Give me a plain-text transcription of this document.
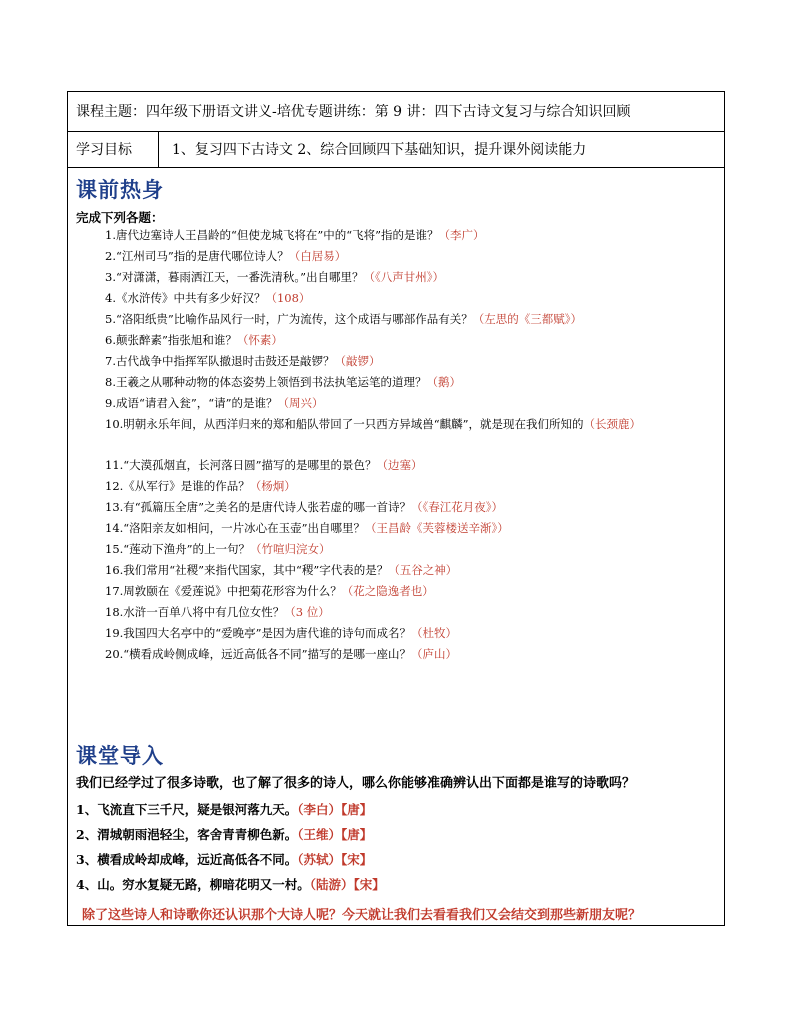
课程主题：四年级下册语文讲义-培优专题讲练：第 9 讲：四下古诗文复习与综合知识回顾
学习目标	1、复习四下古诗文 2、综合回顾四下基础知识，提升课外阅读能力
课前热身
完成下列各题：
1.唐代边塞诗人王昌龄的“但使龙城飞将在”中的“飞将”指的是谁？（李广）
2.“江州司马”指的是唐代哪位诗人？（白居易）
3.“对潇潇，暮雨洒江天，一番洗清秋。”出自哪里？（《八声甘州》）
4.《水浒传》中共有多少好汉？（108）
5.“洛阳纸贵”比喻作品风行一时，广为流传，这个成语与哪部作品有关？（左思的《三都赋》）
6.颠张醉素”指张旭和谁？（怀素）
7.古代战争中指挥军队撤退时击鼓还是敲锣？（敲锣）
8.王羲之从哪种动物的体态姿势上领悟到书法执笔运笔的道理？（鹅）
9.成语“请君入瓮”，“请”的是谁？（周兴）
10.明朝永乐年间，从西洋归来的郑和船队带回了一只西方异域兽“麒麟”，就是现在我们所知的（长颈鹿）
11.“大漠孤烟直，长河落日圆”描写的是哪里的景色？（边塞）
12.《从军行》是谁的作品？（杨炯）
13.有“孤篇压全唐”之美名的是唐代诗人张若虚的哪一首诗？（《春江花月夜》）
14.“洛阳亲友如相问，一片冰心在玉壶”出自哪里？（王昌龄《芙蓉楼送辛渐》）
15.“莲动下渔舟”的上一句？（竹喧归浣女）
16.我们常用“社稷”来指代国家，其中“稷”字代表的是？（五谷之神）
17.周敦颐在《爱莲说》中把菊花形容为什么？（花之隐逸者也）
18.水浒一百单八将中有几位女性？（3 位）
19.我国四大名亭中的“爱晚亭”是因为唐代谁的诗句而成名？（杜牧）
20.“横看成岭侧成峰，远近高低各不同”描写的是哪一座山？（庐山）
课堂导入
我们已经学过了很多诗歌，也了解了很多的诗人，哪么你能够准确辨认出下面都是谁写的诗歌吗？
1、飞流直下三千尺，疑是银河落九天。（李白）【唐】
2、渭城朝雨浥轻尘，客舍青青柳色新。（王维）【唐】
3、横看成岭却成峰，远近高低各不同。（苏轼）【宋】
4、山。穷水复疑无路，柳暗花明又一村。（陆游）【宋】
除了这些诗人和诗歌你还认识那个大诗人呢？今天就让我们去看看我们又会结交到那些新朋友呢？
